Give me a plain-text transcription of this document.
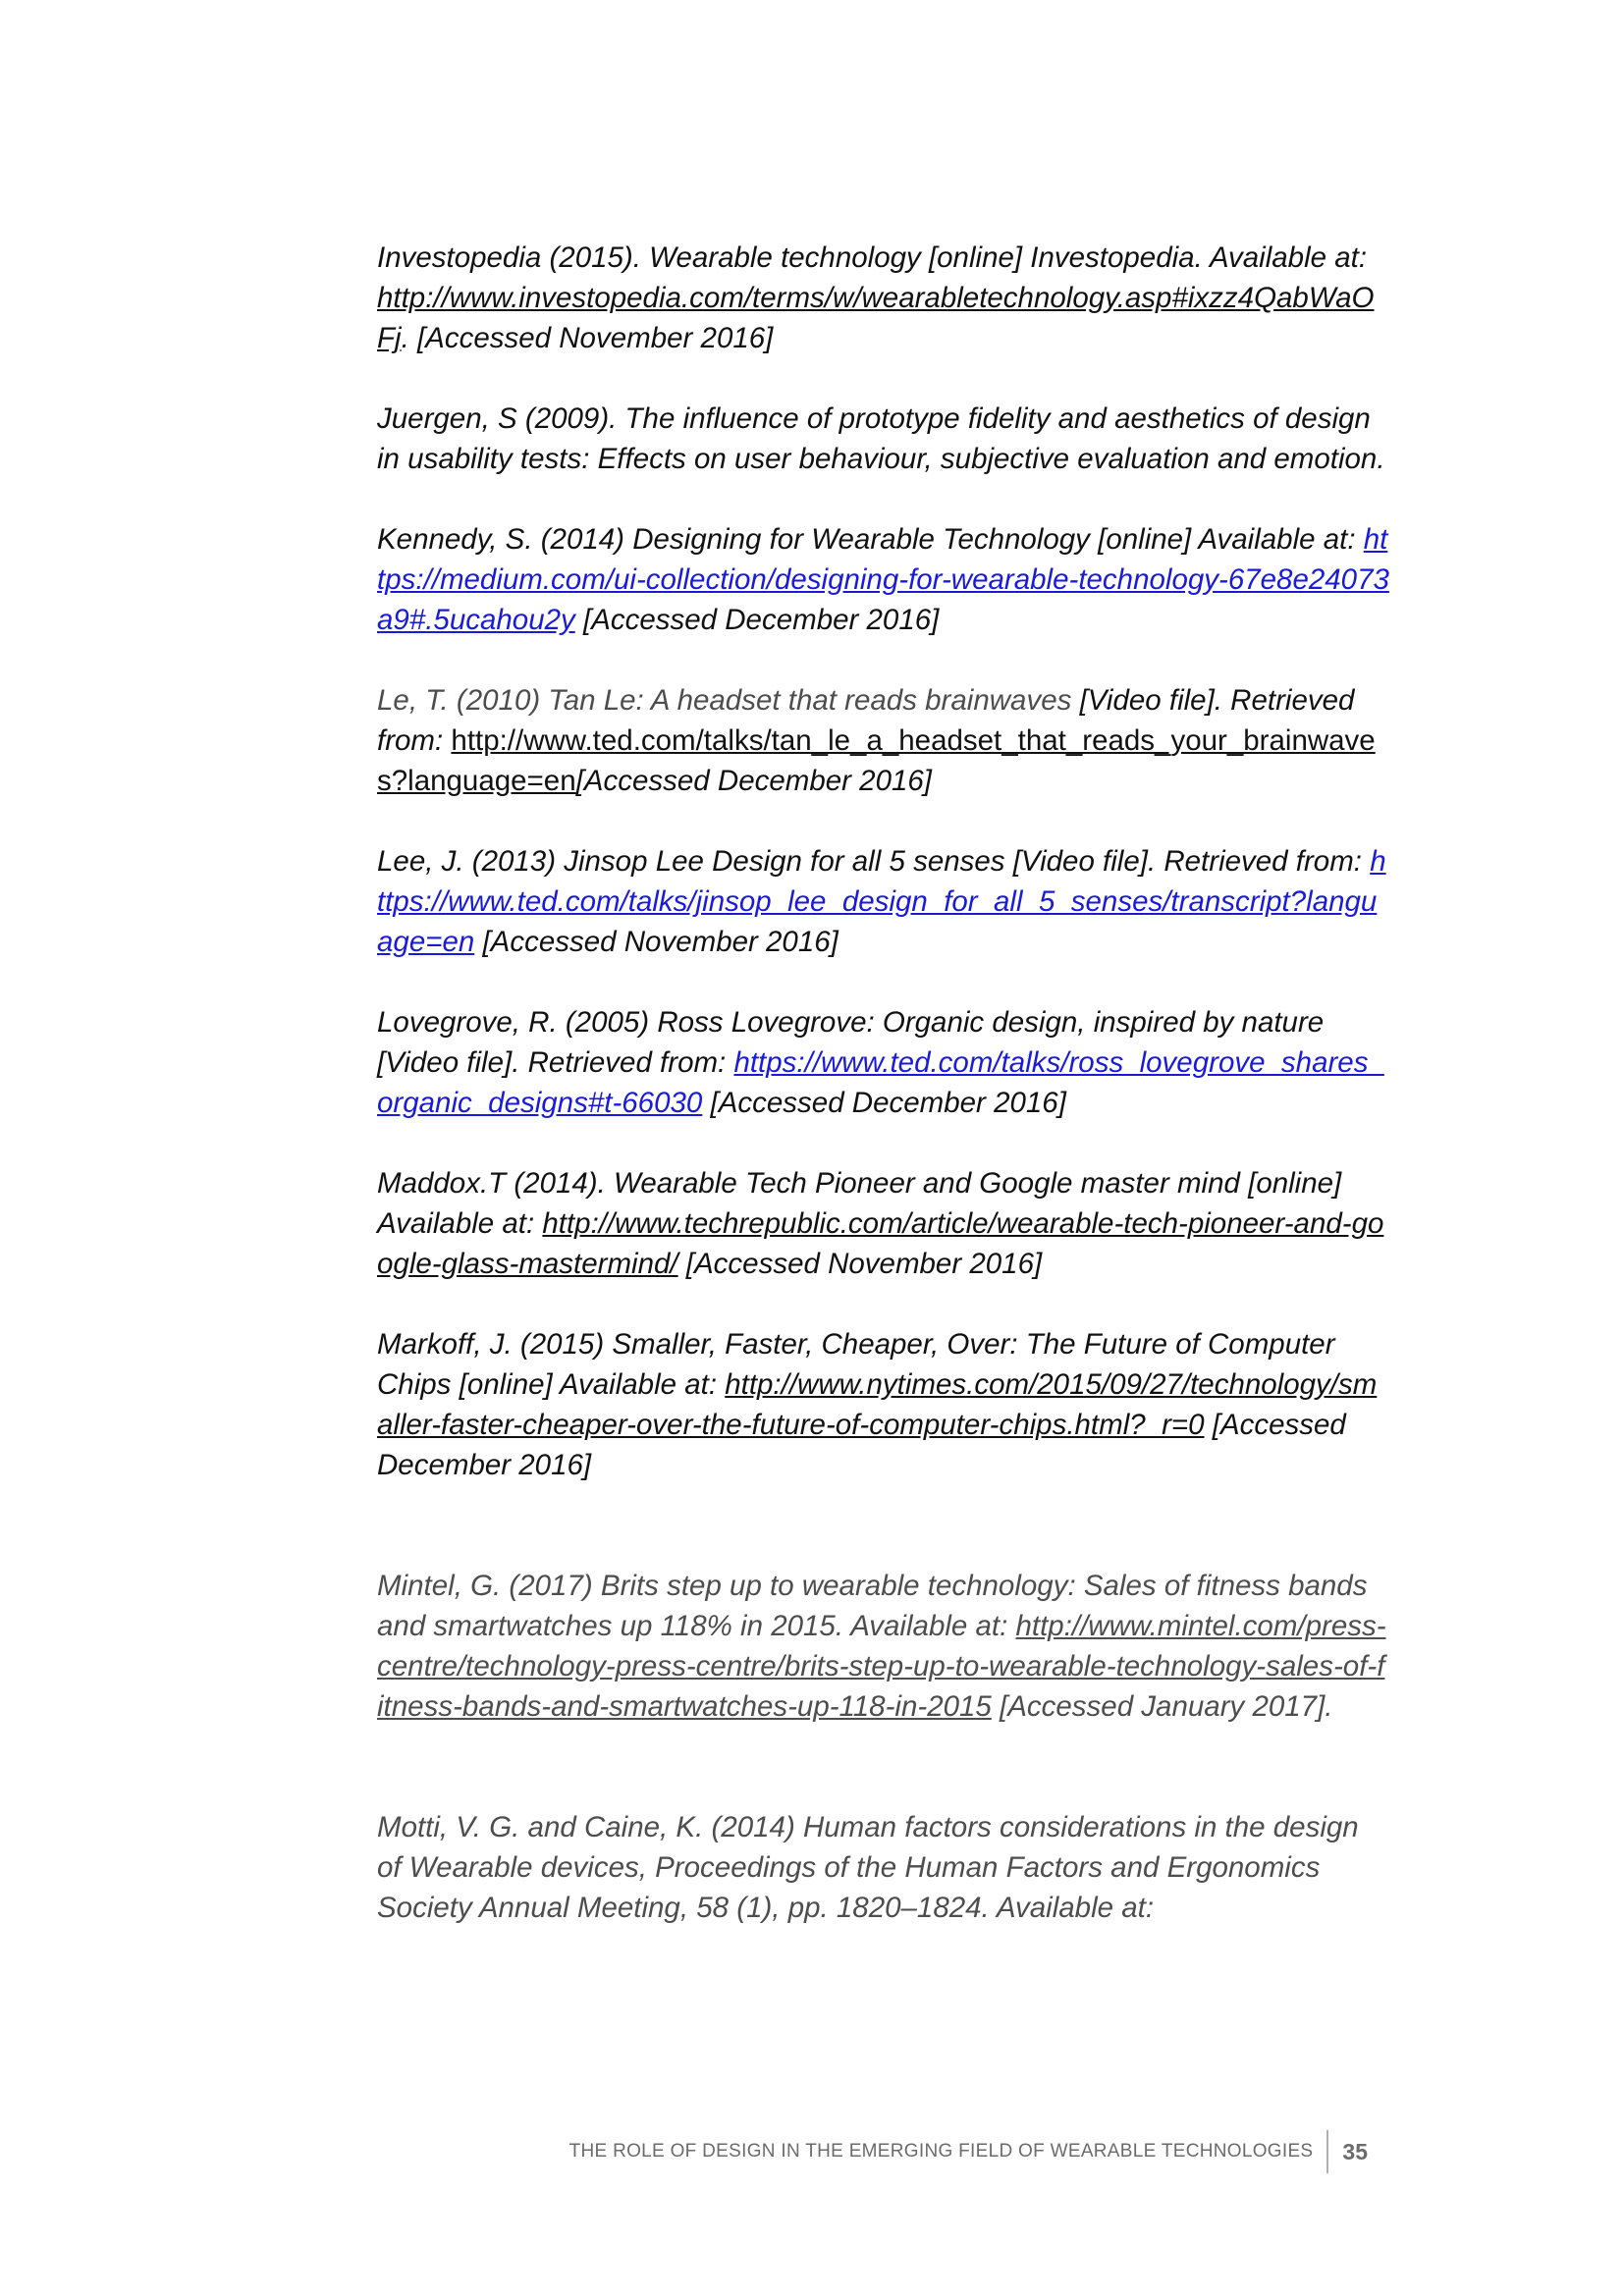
Investopedia (2015). Wearable technology [online] Investopedia. Available at: http://www.investopedia.com/terms/w/wearabletechnology.asp#ixzz4QabWaOFj. [Accessed November 2016]

Juergen, S (2009). The influence of prototype fidelity and aesthetics of design in usability tests: Effects on user behaviour, subjective evaluation and emotion.

Kennedy, S. (2014) Designing for Wearable Technology [online] Available at: https://medium.com/ui-collection/designing-for-wearable-technology-67e8e24073a9#.5ucahou2y [Accessed December 2016]

Le, T. (2010) Tan Le: A headset that reads brainwaves [Video file]. Retrieved from: http://www.ted.com/talks/tan_le_a_headset_that_reads_your_brainwaves?language=en[Accessed December 2016]

Lee, J. (2013) Jinsop Lee Design for all 5 senses [Video file]. Retrieved from: https://www.ted.com/talks/jinsop_lee_design_for_all_5_senses/transcript?language=en [Accessed November 2016]

Lovegrove, R. (2005) Ross Lovegrove: Organic design, inspired by nature [Video file]. Retrieved from: https://www.ted.com/talks/ross_lovegrove_shares_organic_designs#t-66030 [Accessed December 2016]

Maddox.T (2014). Wearable Tech Pioneer and Google master mind [online] Available at: http://www.techrepublic.com/article/wearable-tech-pioneer-and-google-glass-mastermind/ [Accessed November 2016]

Markoff, J. (2015) Smaller, Faster, Cheaper, Over: The Future of Computer Chips [online] Available at: http://www.nytimes.com/2015/09/27/technology/smaller-faster-cheaper-over-the-future-of-computer-chips.html?_r=0 [Accessed December 2016]

Mintel, G. (2017) Brits step up to wearable technology: Sales of fitness bands and smartwatches up 118% in 2015. Available at: http://www.mintel.com/press-centre/technology-press-centre/brits-step-up-to-wearable-technology-sales-of-fitness-bands-and-smartwatches-up-118-in-2015 [Accessed January 2017].

Motti, V. G. and Caine, K. (2014) Human factors considerations in the design of Wearable devices, Proceedings of the Human Factors and Ergonomics Society Annual Meeting, 58 (1), pp. 1820–1824. Available at:

THE ROLE OF DESIGN IN THE EMERGING FIELD OF WEARABLE TECHNOLOGIES 35
